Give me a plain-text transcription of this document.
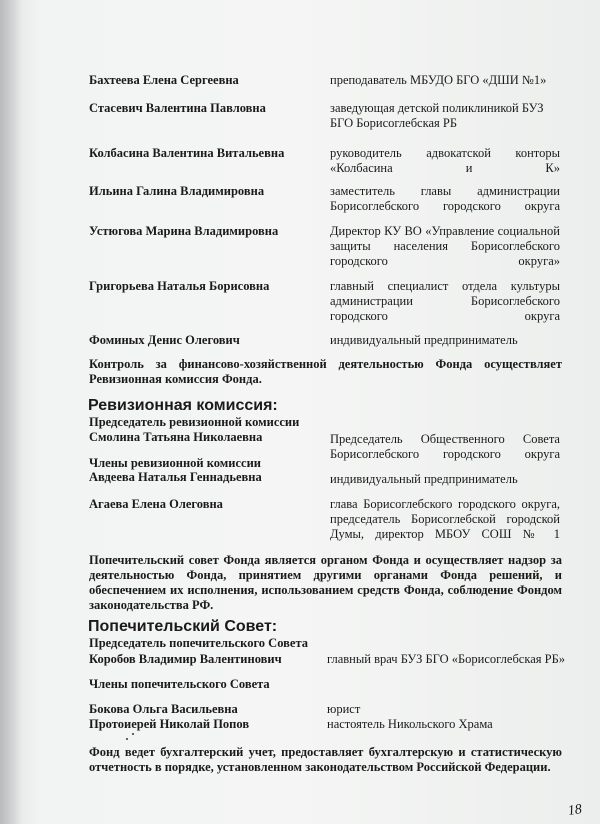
Бахтеева Елена Сергеевна	преподаватель МБУДО БГО «ДШИ №1»
Стасевич Валентина Павловна	заведующая детской поликлиникой БУЗ БГО Борисоглебская РБ
Колбасина Валентина Витальевна	руководитель адвокатской конторы «Колбасина и К»
Ильина Галина Владимировна	заместитель главы администрации Борисоглебского городского округа
Устюгова Марина Владимировна	Директор КУ ВО «Управление социальной защиты населения Борисоглебского городского округа»
Григорьева Наталья Борисовна	главный специалист отдела культуры администрации Борисоглебского городского округа
Фоминых Денис Олегович	индивидуальный предприниматель
Контроль за финансово-хозяйственной деятельностью Фонда осуществляет Ревизионная комиссия Фонда.
Ревизионная комиссия:
Председатель ревизионной комиссии
Смолина Татьяна Николаевна	Председатель Общественного Совета Борисоглебского городского округа
Члены ревизионной комиссии
Авдеева Наталья Геннадьевна	индивидуальный предприниматель
Агаева Елена Олеговна	глава Борисоглебского городского округа, председатель Борисоглебской городской Думы, директор МБОУ СОШ № 1
Попечительский совет Фонда является органом Фонда и осуществляет надзор за деятельностью Фонда, принятием другими органами Фонда решений, и обеспечением их исполнения, использованием средств Фонда, соблюдение Фондом законодательства РФ.
Попечительский Совет:
Председатель попечительского Совета
Коробов Владимир Валентинович	главный врач БУЗ БГО «Борисоглебская РБ»
Члены попечительского Совета
Бокова Ольга Васильевна	юрист
Протоиерей Николай Попов	настоятель Никольского Храма
Фонд ведет бухгалтерский учет, предоставляет бухгалтерскую и статистическую отчетность в порядке, установленном законодательством Российской Федерации.
18
